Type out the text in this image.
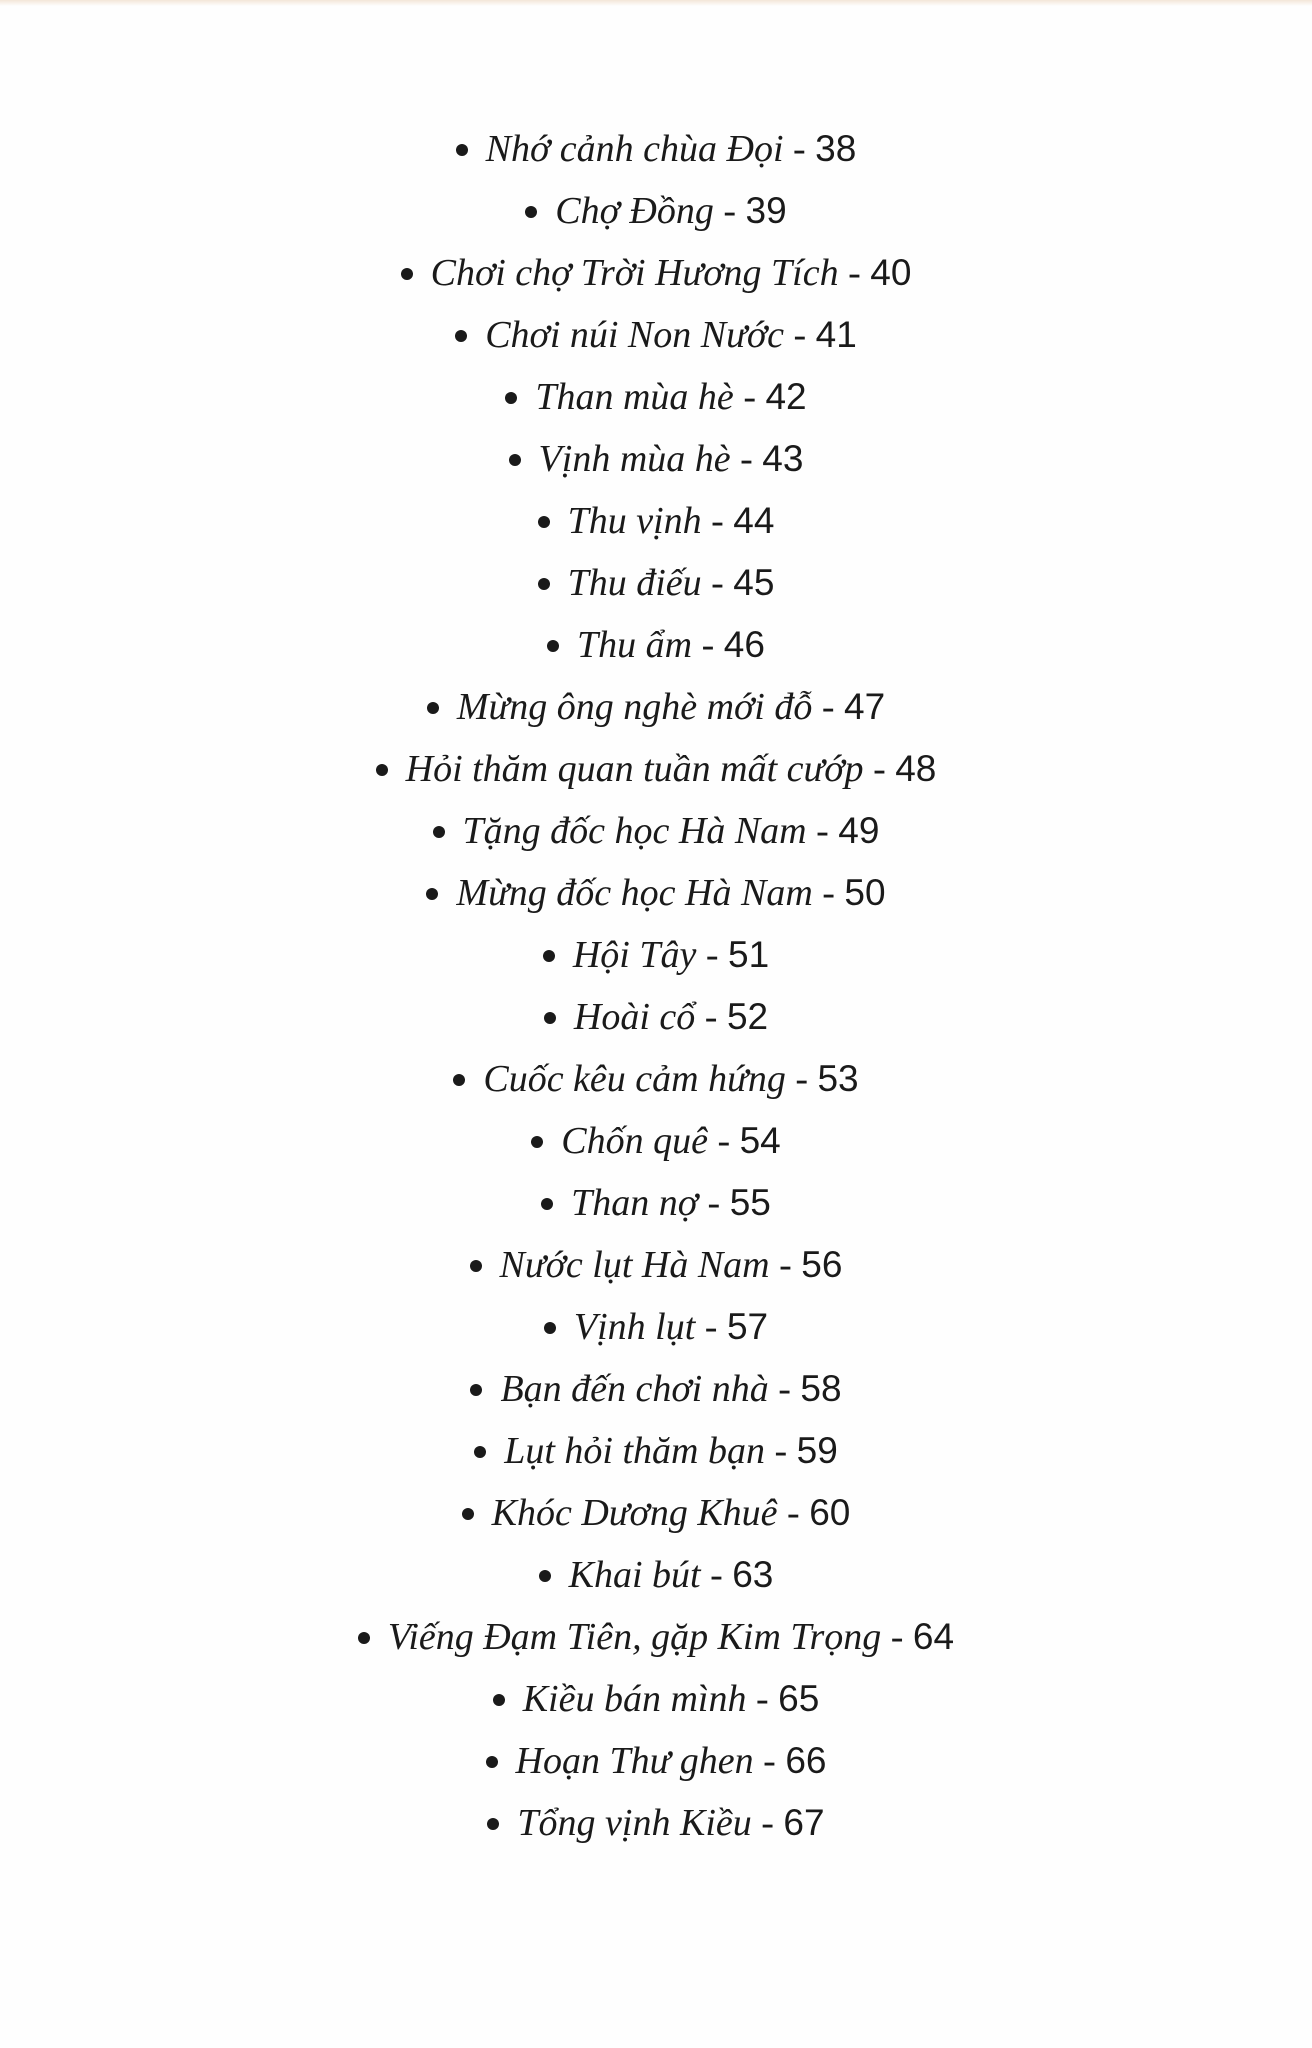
Nhớ cảnh chùa Đọi - 38
Chợ Đồng - 39
Chơi chợ Trời Hương Tích - 40
Chơi núi Non Nước - 41
Than mùa hè - 42
Vịnh mùa hè - 43
Thu vịnh - 44
Thu điếu - 45
Thu ẩm - 46
Mừng ông nghè mới đỗ - 47
Hỏi thăm quan tuần mất cướp - 48
Tặng đốc học Hà Nam - 49
Mừng đốc học Hà Nam - 50
Hội Tây - 51
Hoài cổ - 52
Cuốc kêu cảm hứng - 53
Chốn quê - 54
Than nợ - 55
Nước lụt Hà Nam - 56
Vịnh lụt - 57
Bạn đến chơi nhà - 58
Lụt hỏi thăm bạn - 59
Khóc Dương Khuê - 60
Khai bút - 63
Viếng Đạm Tiên, gặp Kim Trọng - 64
Kiều bán mình - 65
Hoạn Thư ghen - 66
Tổng vịnh Kiều - 67
